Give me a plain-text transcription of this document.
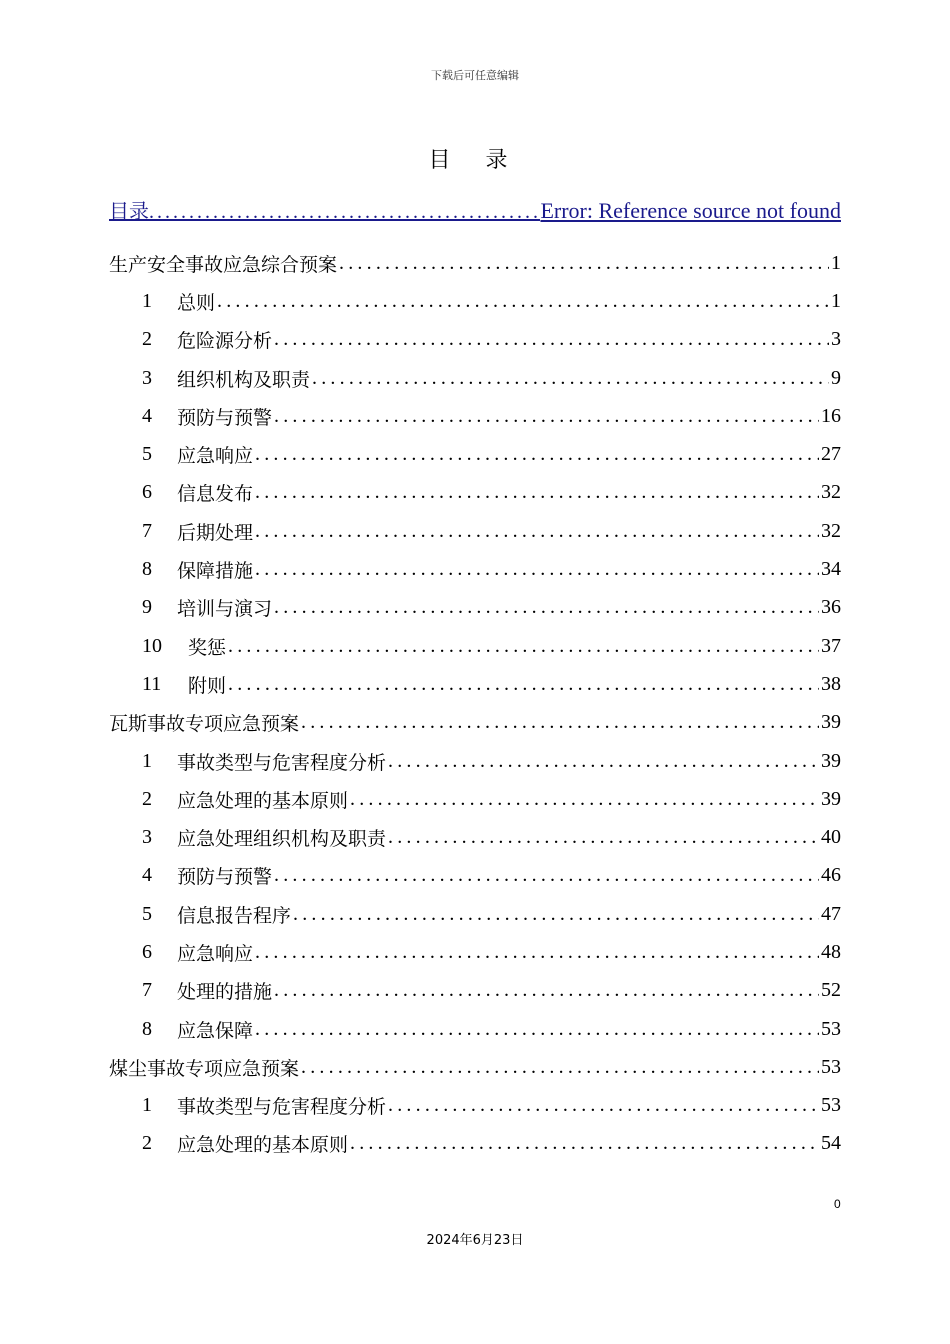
下载后可任意编辑
目 录
目录 .....	Error: Reference source not found
生产安全事故应急综合预案 .....	1
1	总则 .....	1
2	危险源分析 .....	3
3	组织机构及职责 .....	9
4	预防与预警 .....	16
5	应急响应 .....	27
6	信息发布 .....	32
7	后期处理 .....	32
8	保障措施 .....	34
9	培训与演习 .....	36
10	奖惩 .....	37
11	附则 .....	38
瓦斯事故专项应急预案 .....	39
1	事故类型与危害程度分析 .....	39
2	应急处理的基本原则 .....	39
3	应急处理组织机构及职责 .....	40
4	预防与预警 .....	46
5	信息报告程序 .....	47
6	应急响应 .....	48
7	处理的措施 .....	52
8	应急保障 .....	53
煤尘事故专项应急预案 .....	53
1	事故类型与危害程度分析 .....	53
2	应急处理的基本原则 .....	54
0
2024年6月23日
